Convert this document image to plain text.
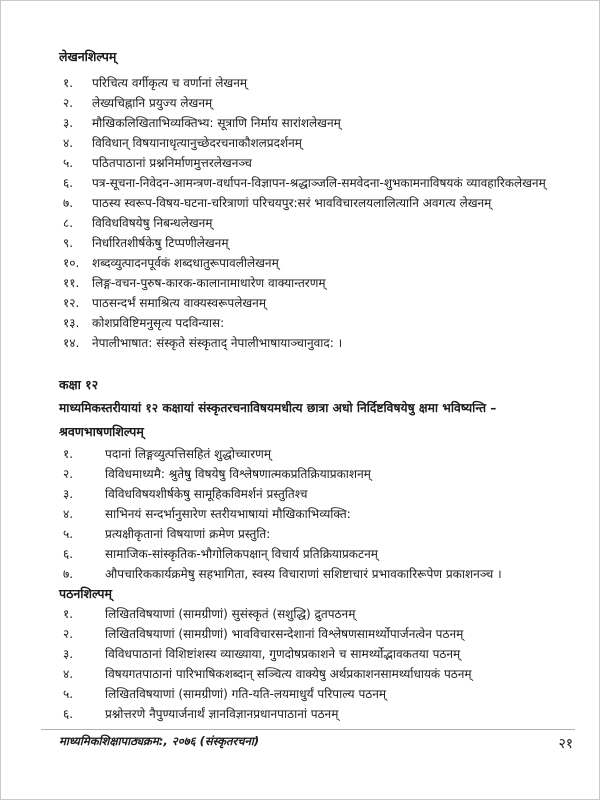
लेखनशिल्पम्
१.	परिचित्य वर्गीकृत्य च वर्णानां लेखनम्
२.	लेख्यचिह्नानि प्रयुज्य लेखनम्
३.	मौखिकलिखिताभिव्यक्तिभ्य: सूत्राणि निर्माय सारांशलेखनम्
४.	विविधान् विषयानाधृत्यानुच्छेदरचनाकौशलप्रदर्शनम्
५.	पठितपाठानां प्रश्ननिर्माणमुत्तरलेखनञ्च
६.	पत्र-सूचना-निवेदन-आमन्त्रण-वर्धापन-विज्ञापन-श्रद्धाञ्जलि-समवेदना-शुभकामनाविषयकं व्यावहारिकलेखनम्
७.	पाठस्य स्वरूप-विषय-घटना-चरित्राणां परिचयपुर:सरं भावविचारलयलालित्यानि अवगत्य लेखनम्
८.	विविधविषयेषु निबन्धलेखनम्
९.	निर्धारितशीर्षकेषु टिप्पणीलेखनम्
१०.	शब्दव्युत्पादनपूर्वकं शब्दधातुरूपावलीलेखनम्
११.	लिङ्ग-वचन-पुरुष-कारक-कालानामाधारेण वाक्यान्तरणम्
१२.	पाठसन्दर्भं समाश्रित्य वाक्यस्वरूपलेखनम्
१३.	कोशप्रविष्टिमनुसृत्य पदविन्यास:
१४.	नेपालीभाषात: संस्कृते संस्कृताद् नेपालीभाषायाञ्चानुवाद: ।
कक्षा १२
माध्यमिकस्तरीयायां १२ कक्षायां संस्कृतरचनाविषयमधीत्य छात्रा अधो निर्दिष्टविषयेषु क्षमा भविष्यन्ति –
श्रवणभाषणशिल्पम्
१.	पदानां लिङ्गव्युत्पत्तिसहितं शुद्धोच्चारणम्
२.	विविधमाध्यमै: श्रुतेषु विषयेषु विश्लेषणात्मकप्रतिक्रियाप्रकाशनम्
३.	विविधविषयशीर्षकेषु सामूहिकविमर्शनं प्रस्तुतिश्च
४.	साभिनयं सन्दर्भानुसारेण स्तरीयभाषायां मौखिकाभिव्यक्ति:
५.	प्रत्यक्षीकृतानां विषयाणां क्रमेण प्रस्तुति:
६.	सामाजिक-सांस्कृतिक-भौगोलिकपक्षान् विचार्य प्रतिक्रियाप्रकटनम्
७.	औपचारिककार्यक्रमेषु सहभागिता, स्वस्य विचाराणां सशिष्टाचारं प्रभावकारिरूपेण प्रकाशनञ्च ।
पठनशिल्पम्
१.	लिखितविषयाणां (सामग्रीणां) सुसंस्कृतं (सशुद्धि) द्रुतपठनम्
२.	लिखितविषयाणां (सामग्रीणां) भावविचारसन्देशानां विश्लेषणसामर्थ्योपार्जनत्वेन पठनम्
३.	विविधपाठानां विशिष्टांशस्य व्याख्याया, गुणदोषप्रकाशने च सामर्थ्योद्भावकतया पठनम्
४.	विषयगतपाठानां पारिभाषिकशब्दान् सञ्चित्य वाक्येषु अर्थप्रकाशनसामर्थ्याधायकं पठनम्
५.	लिखितविषयाणां (सामग्रीणां) गति-यति-लयमाधुर्यं परिपाल्य पठनम्
६.	प्रश्नोत्तरणे नैपुण्यार्जनार्थं ज्ञानविज्ञानप्रधानपाठानां पठनम्
माध्यमिकशिक्षापाठ्यक्रम:, २०७६ (संस्कृतरचना)	२१
